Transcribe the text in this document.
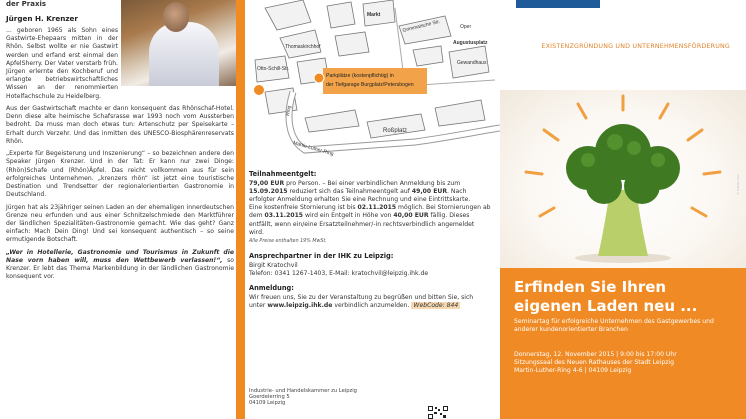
der Praxis
Jürgen H. Krenzer

... geboren 1965 als Sohn eines Gastwirte-Ehepaars mitten in der Rhön. Selbst wollte er nie Gastwirt werden und erfand erst einmal den ApfelSherry. Der Vater verstarb früh. Jürgen erlernte den Kochberuf und erlangte betriebswirtschaftliches Wissen an der renommierten Hotelfachschule zu Heidelberg.

Aus der Gastwirtschaft machte er dann konsequent das Rhönschaf-Hotel. Denn diese alte heimische Schafsrasse war 1993 noch vom Aussterben bedroht. Da muss man doch etwas tun: Artenschutz per Speisekarte – Erhalt durch Verzehr. Und das inmitten des UNESCO-Biosphärenreservats Rhön.

„Experte für Begeisterung und Inszenierung“ – so bezeichnen andere den Speaker Jürgen Krenzer. Und in der Tat: Er kann nur zwei Dinge: (Rhön)Schafe und (Rhön)Äpfel. Das reicht vollkommen aus für sein erfolgreiches Unternehmen. „krenzers rhön“ ist jetzt eine touristische Destination und Trendsetter der regionalorientierten Gastronomie in Deutschland.

Jürgen hat als 23jähriger seinen Laden an der ehemaligen innerdeutschen Grenze neu erfunden und aus einer Schnitzelschmiede den Marktführer der ländlichen Spezialitäten-Gastronomie gemacht. Wie das geht? Ganz einfach: Mach Dein Ding! Und sei konsequent authentisch – so seine ermutigende Botschaft.

„Wer in Hotellerie, Gastronomie und Tourismus in Zukunft die Nase vorn haben will, muss den Wettbewerb verlassen!“, so Krenzer. Er lebt das Thema Markenbildung in der ländlichen Gastronomie konsequent vor.

Parkplätze (kostenpflichtig) in
der Tiefgarage Burgplatz/Petersbogen
Grimmaische Str.
Thomaskirchhof
Otto-Schill-Str.
Martin-Luther-Ring
Roßplatz
Augustusplatz
Oper
Markt
Gewandhaus
Ring
Teilnahmeentgelt:

79,00 EUR pro Person. – Bei einer verbindlichen Anmeldung bis zum 15.09.2015 reduziert sich das Teilnahmeentgelt auf 49,00 EUR. Nach erfolgter Anmeldung erhalten Sie eine Rechnung und eine Eintrittskarte.
Eine kostenfreie Stornierung ist bis 02.11.2015 möglich. Bei Stornierungen ab dem 03.11.2015 wird ein Entgelt in Höhe von 40,00 EUR fällig. Dieses entfällt, wenn ein/eine Ersatzteilnehmer/-in rechtsverbindlich angemeldet wird.
Alle Preise enthalten 19% MwSt.

Ansprechpartner in der IHK zu Leipzig:

Birgit Kratochvil
Telefon: 0341 1267-1403, E-Mail: kratochvil@leipzig.ihk.de

Anmeldung:

Wir freuen uns, Sie zu der Veranstaltung zu begrüßen und bitten Sie, sich unter www.leipzig.ihk.de verbindlich anzumelden. WebCode: 844

Industrie- und Handelskammer zu Leipzig
Goerdelerring 5
04109 Leipzig
EXISTENZGRÜNDUNG UND UNTERNEHMENSFÖRDERUNG
© fotolia.com
Erfinden Sie Ihren
eigenen Laden neu ...
Seminartag für erfolgreiche Unternehmen des Gastgewerbes und anderer kundenorientierter Branchen
Donnerstag, 12. November 2015 | 9:00 bis 17:00 Uhr
Sitzungssaal des Neuen Rathauses der Stadt Leipzig
Martin-Luther-Ring 4-6 | 04109 Leipzig
